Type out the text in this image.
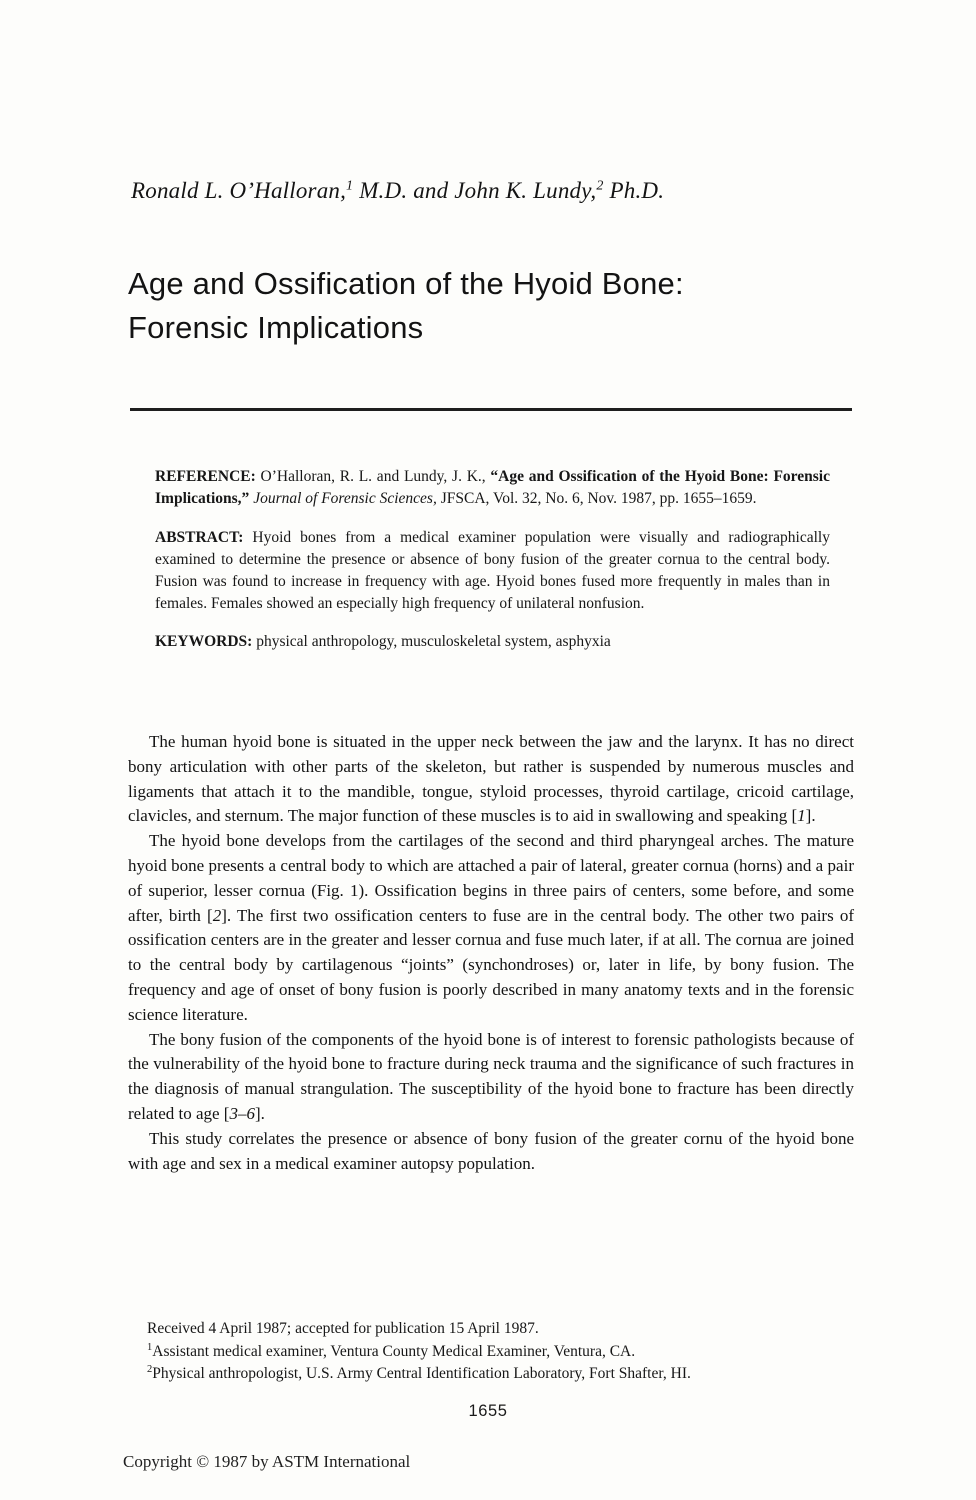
Ronald L. O’Halloran,$^1$ M.D. and John K. Lundy,$^2$ Ph.D.

Age and Ossification of the Hyoid Bone:
Forensic Implications

REFERENCE: O’Halloran, R. L. and Lundy, J. K., “Age and Ossification of the Hyoid Bone: Forensic Implications,” Journal of Forensic Sciences, JFSCA, Vol. 32, No. 6, Nov. 1987, pp. 1655–1659.

ABSTRACT: Hyoid bones from a medical examiner population were visually and radiographically examined to determine the presence or absence of bony fusion of the greater cornua to the central body. Fusion was found to increase in frequency with age. Hyoid bones fused more frequently in males than in females. Females showed an especially high frequency of unilateral nonfusion.

KEYWORDS: physical anthropology, musculoskeletal system, asphyxia

The human hyoid bone is situated in the upper neck between the jaw and the larynx. It has no direct bony articulation with other parts of the skeleton, but rather is suspended by numerous muscles and ligaments that attach it to the mandible, tongue, styloid processes, thyroid cartilage, cricoid cartilage, clavicles, and sternum. The major function of these muscles is to aid in swallowing and speaking [1].

The hyoid bone develops from the cartilages of the second and third pharyngeal arches. The mature hyoid bone presents a central body to which are attached a pair of lateral, greater cornua (horns) and a pair of superior, lesser cornua (Fig. 1). Ossification begins in three pairs of centers, some before, and some after, birth [2]. The first two ossification centers to fuse are in the central body. The other two pairs of ossification centers are in the greater and lesser cornua and fuse much later, if at all. The cornua are joined to the central body by cartilagenous “joints” (synchondroses) or, later in life, by bony fusion. The frequency and age of onset of bony fusion is poorly described in many anatomy texts and in the forensic science literature.

The bony fusion of the components of the hyoid bone is of interest to forensic pathologists because of the vulnerability of the hyoid bone to fracture during neck trauma and the significance of such fractures in the diagnosis of manual strangulation. The susceptibility of the hyoid bone to fracture has been directly related to age [3–6].

This study correlates the presence or absence of bony fusion of the greater cornu of the hyoid bone with age and sex in a medical examiner autopsy population.

Received 4 April 1987; accepted for publication 15 April 1987.

$^1$Assistant medical examiner, Ventura County Medical Examiner, Ventura, CA.

$^2$Physical anthropologist, U.S. Army Central Identification Laboratory, Fort Shafter, HI.

1655

Copyright © 1987 by ASTM International
